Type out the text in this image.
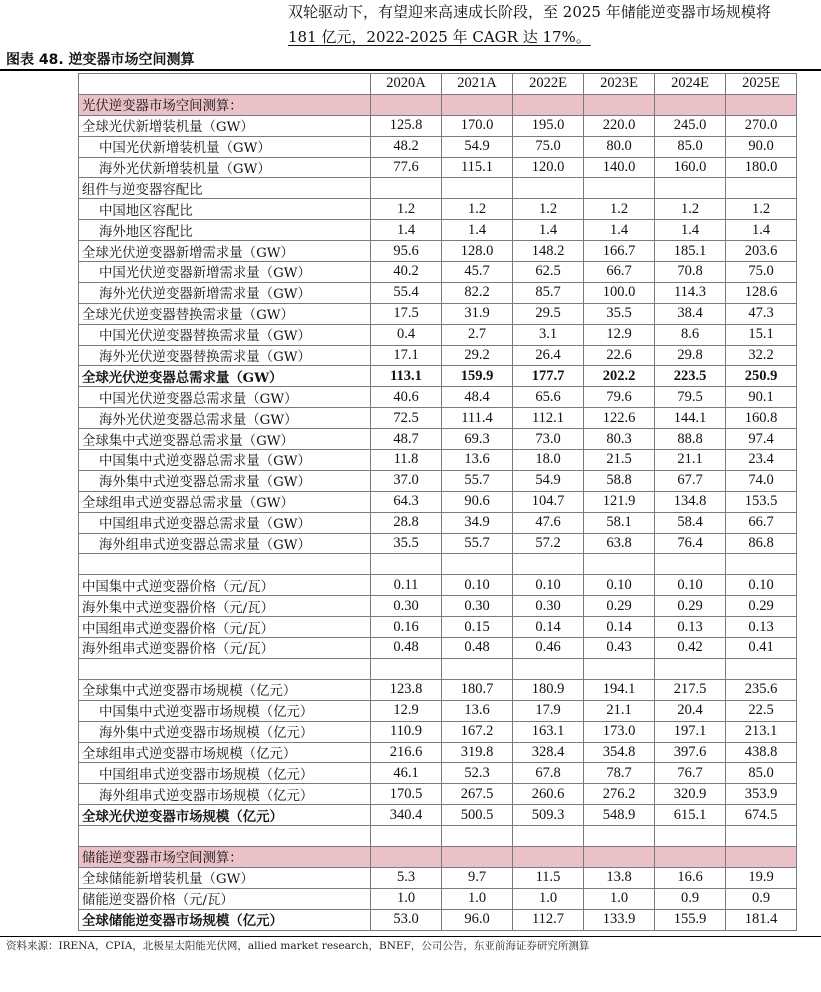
双轮驱动下，有望迎来高速成长阶段，至 2025 年储能逆变器市场规模将

181 亿元，2022-2025 年 CAGR 达 17%。

图表 48. 逆变器市场空间测算
	2020A	2021A	2022E	2023E	2024E	2025E
光伏逆变器市场空间测算：						
全球光伏新增装机量（GW）	125.8	170.0	195.0	220.0	245.0	270.0
中国光伏新增装机量（GW）	48.2	54.9	75.0	80.0	85.0	90.0
海外光伏新增装机量（GW）	77.6	115.1	120.0	140.0	160.0	180.0
组件与逆变器容配比						
中国地区容配比	1.2	1.2	1.2	1.2	1.2	1.2
海外地区容配比	1.4	1.4	1.4	1.4	1.4	1.4
全球光伏逆变器新增需求量（GW）	95.6	128.0	148.2	166.7	185.1	203.6
中国光伏逆变器新增需求量（GW）	40.2	45.7	62.5	66.7	70.8	75.0
海外光伏逆变器新增需求量（GW）	55.4	82.2	85.7	100.0	114.3	128.6
全球光伏逆变器替换需求量（GW）	17.5	31.9	29.5	35.5	38.4	47.3
中国光伏逆变器替换需求量（GW）	0.4	2.7	3.1	12.9	8.6	15.1
海外光伏逆变器替换需求量（GW）	17.1	29.2	26.4	22.6	29.8	32.2
全球光伏逆变器总需求量（GW）	113.1	159.9	177.7	202.2	223.5	250.9
中国光伏逆变器总需求量（GW）	40.6	48.4	65.6	79.6	79.5	90.1
海外光伏逆变器总需求量（GW）	72.5	111.4	112.1	122.6	144.1	160.8
全球集中式逆变器总需求量（GW）	48.7	69.3	73.0	80.3	88.8	97.4
中国集中式逆变器总需求量（GW）	11.8	13.6	18.0	21.5	21.1	23.4
海外集中式逆变器总需求量（GW）	37.0	55.7	54.9	58.8	67.7	74.0
全球组串式逆变器总需求量（GW）	64.3	90.6	104.7	121.9	134.8	153.5
中国组串式逆变器总需求量（GW）	28.8	34.9	47.6	58.1	58.4	66.7
海外组串式逆变器总需求量（GW）	35.5	55.7	57.2	63.8	76.4	86.8

中国集中式逆变器价格（元/瓦）	0.11	0.10	0.10	0.10	0.10	0.10
海外集中式逆变器价格（元/瓦）	0.30	0.30	0.30	0.29	0.29	0.29
中国组串式逆变器价格（元/瓦）	0.16	0.15	0.14	0.14	0.13	0.13
海外组串式逆变器价格（元/瓦）	0.48	0.48	0.46	0.43	0.42	0.41

全球集中式逆变器市场规模（亿元）	123.8	180.7	180.9	194.1	217.5	235.6
中国集中式逆变器市场规模（亿元）	12.9	13.6	17.9	21.1	20.4	22.5
海外集中式逆变器市场规模（亿元）	110.9	167.2	163.1	173.0	197.1	213.1
全球组串式逆变器市场规模（亿元）	216.6	319.8	328.4	354.8	397.6	438.8
中国组串式逆变器市场规模（亿元）	46.1	52.3	67.8	78.7	76.7	85.0
海外组串式逆变器市场规模（亿元）	170.5	267.5	260.6	276.2	320.9	353.9
全球光伏逆变器市场规模（亿元）	340.4	500.5	509.3	548.9	615.1	674.5

储能逆变器市场空间测算：						
全球储能新增装机量（GW）	5.3	9.7	11.5	13.8	16.6	19.9
储能逆变器价格（元/瓦）	1.0	1.0	1.0	1.0	0.9	0.9
全球储能逆变器市场规模（亿元）	53.0	96.0	112.7	133.9	155.9	181.4
资料来源：IRENA，CPIA，北极星太阳能光伏网，allied market research，BNEF，公司公告，东亚前海证券研究所测算
